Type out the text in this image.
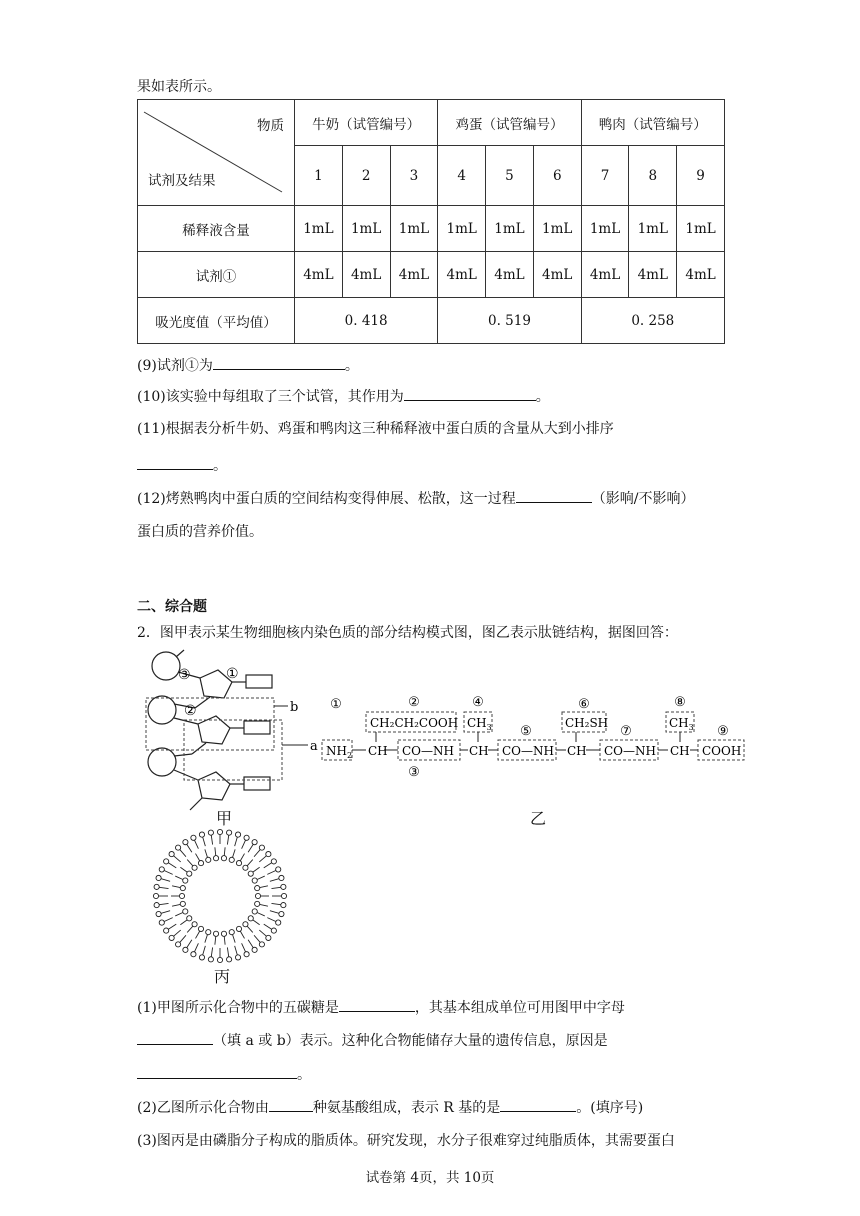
果如表所示。
物质
试剂及结果	牛奶（试管编号）			鸡蛋（试管编号）			鸭肉（试管编号）		
	1	2	3	4	5	6	7	8	9
稀释液含量	1mL	1mL	1mL	1mL	1mL	1mL	1mL	1mL	1mL
试剂①	4mL	4mL	4mL	4mL	4mL	4mL	4mL	4mL	4mL
吸光度值（平均值）	0. 418			0. 519			0. 258		
(9)试剂①为	。
(10)该实验中每组取了三个试管，其作用为	。
(11)根据表分析牛奶、鸡蛋和鸭肉这三种稀释液中蛋白质的含量从大到小排序
。
(12)烤熟鸭肉中蛋白质的空间结构变得伸展、松散，这一过程	（影响/不影响）
蛋白质的营养价值。
二、综合题
2．图甲表示某生物细胞核内染色质的部分结构模式图，图乙表示肽链结构，据图回答：
③	①
②	b
a
甲
①	②
③
④
⑤
⑥
⑦
⑧
⑨
$NH_2$
CH₂CH₂COOH
CH CO—NH
$CH_3$
CH CO—NH
CH₂SH
CH CO—NH
$CH_3$
CH COOH
乙
丙
(1)甲图所示化合物中的五碳糖是	，其基本组成单位可用图甲中字母
（填 a 或 b）表示。这种化合物能储存大量的遗传信息，原因是
。
(2)乙图所示化合物由	种氨基酸组成，表示 R 基的是	。(填序号)
(3)图丙是由磷脂分子构成的脂质体。研究发现，水分子很难穿过纯脂质体，其需要蛋白
试卷第 4页，共 10页
